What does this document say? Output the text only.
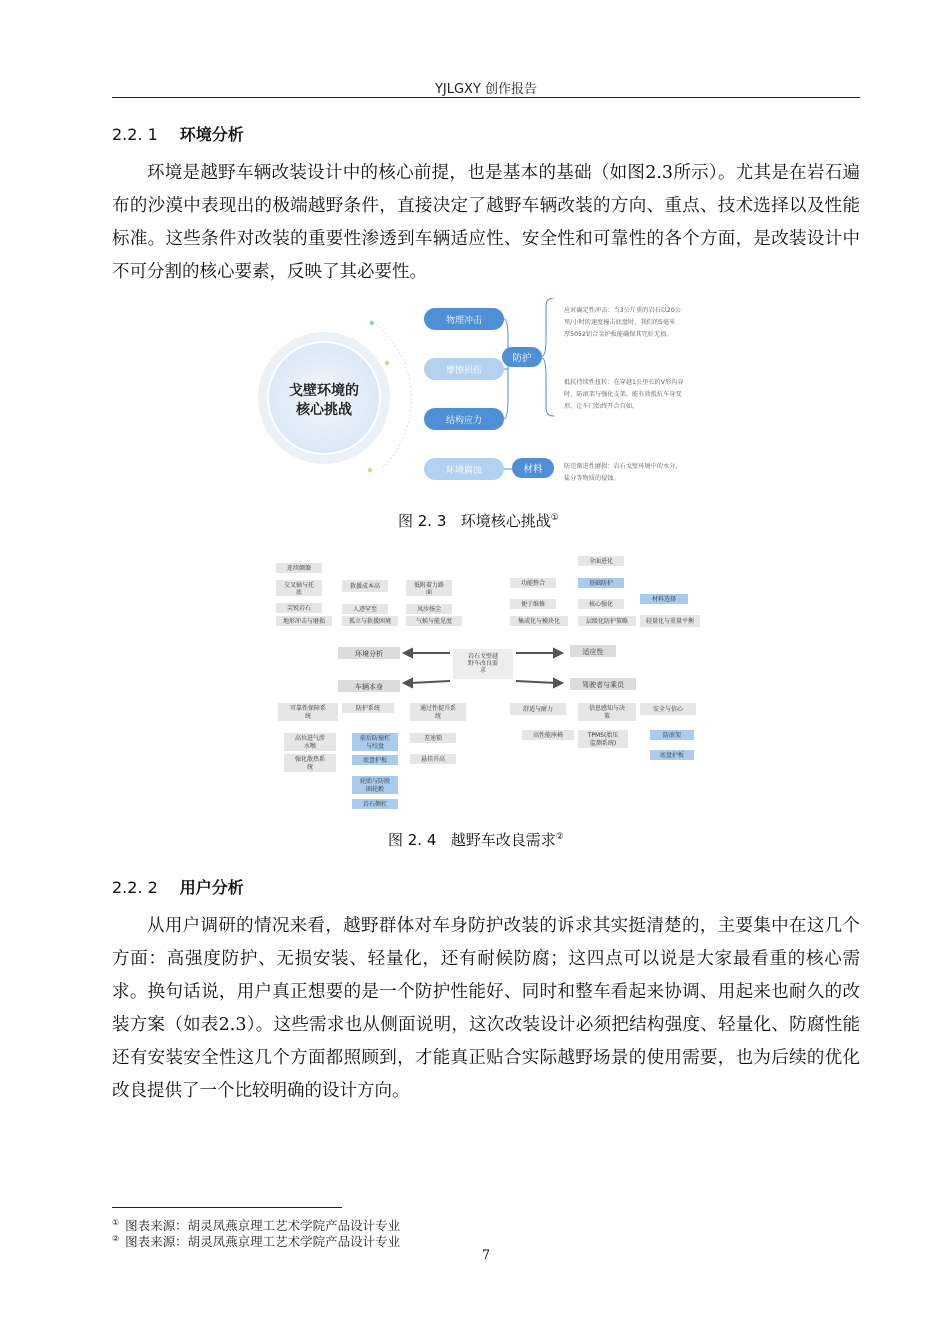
YJLGXY 创作报告
2.2. 1 环境分析

环境是越野车辆改装设计中的核心前提，也是基本的基础（如图2.3所示）。尤其是在岩石遍布的沙漠中表现出的极端越野条件，直接决定了越野车辆改装的方向、重点、技术选择以及性能标准。这些条件对改装的重要性渗透到车辆适应性、安全性和可靠性的各个方面，是改装设计中不可分割的核心要素，反映了其必要性。

戈壁环境的
核心挑战
物理冲击
摩擦损伤
结构应力
环境腐蚀
防护
材料
应对确定性冲击：当3公斤重的岩石以20公
里/小时的速度撞击底盘时，我们的5毫米
厚5052铝合金护板能确保其完好无损。
抵抗持续性扭转：在穿越1公里长的V形沟谷
时，防滚架与强化支架，能有效抵抗车身变
形，让车门始终开合自如。
防范渐进性磨损：岩石戈壁环境中的水分、
盐分等物质的侵蚀。
图 2. 3 环境核心挑战①
连续颠簸
交叉轴与托
底
尖锐岩石
地形冲击与磨损
救援成本高
人迹罕至
孤立与救援困境
低附着力路
面
风沙扬尘
气候与能见度
全面进化
功能整合	基础防护
便于维修	核心强化
材料选择
集成化与模块化	层级化防护策略	轻量化与重量平衡
岩石戈壁越
野车改良需
求
环境分析	适应性
车辆本身	驾驶者与乘员
可靠性保障系
统
防护系统	通过性提升系
统
高位进气涉
水喉
强化散热系
统
前后防撞杠
与绞盘
底盘护板
轮胎与防脱
圈轮毂
岩石侧杠
差速锁
悬挂升高
舒适与耐力	信息感知与决
策
安全与信心
高性能座椅	TPMS(胎压
监测系统)
防滚架
底盘护板
图 2. 4 越野车改良需求②
2.2. 2 用户分析

从用户调研的情况来看，越野群体对车身防护改装的诉求其实挺清楚的，主要集中在这几个方面：高强度防护、无损安装、轻量化，还有耐候防腐；这四点可以说是大家最看重的核心需求。换句话说，用户真正想要的是一个防护性能好、同时和整车看起来协调、用起来也耐久的改装方案（如表2.3）。这些需求也从侧面说明，这次改装设计必须把结构强度、轻量化、防腐性能还有安装安全性这几个方面都照顾到，才能真正贴合实际越野场景的使用需要，也为后续的优化改良提供了一个比较明确的设计方向。

① 图表来源：胡灵凤燕京理工艺术学院产品设计专业
② 图表来源：胡灵凤燕京理工艺术学院产品设计专业
7
